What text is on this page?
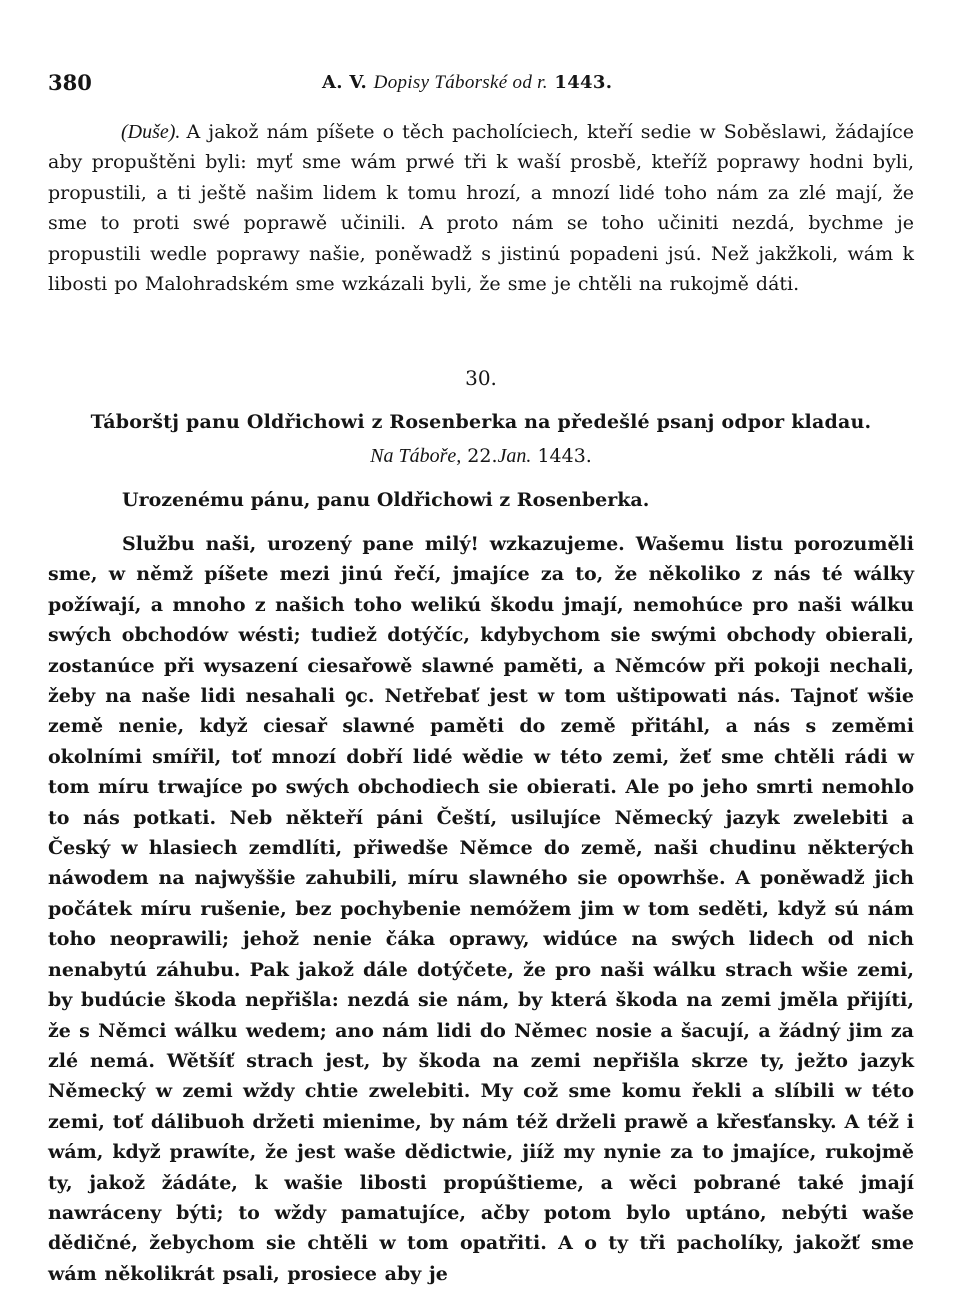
380	A. V. Dopisy Táborské od r. 1443.

(Duše). A jakož nám píšete o těch pacholíciech, kteří sedie w Soběslawi, žádajíce aby propuštěni byli: myť sme wám prwé tři k waší prosbě, kteříž poprawy hodni byli, propustili, a ti ještě našim lidem k tomu hrozí, a mnozí lidé toho nám za zlé mají, že sme to proti swé poprawě učinili. A proto nám se toho učiniti nezdá, bychme je propustili wedle poprawy našie, poněwadž s jistinú popadeni jsú. Než jakžkoli, wám k libosti po Malohradském sme wzkázali byli, že sme je chtěli na rukojmě dáti.

30.
Táborštj panu Oldřichowi z Rosenberka na předešlé psanj odpor kladau.
Na Táboře, 22.Jan. 1443.
Urozenému pánu, panu Oldřichowi z Rosenberka.

Službu naši, urozený pane milý! wzkazujeme. Wašemu listu porozuměli sme, w němž píšete mezi jinú řečí, jmajíce za to, že několiko z nás té wálky požíwají, a mnoho z našich toho welikú škodu jmají, nemohúce pro naši wálku swých obchodów wésti; tudiež dotýčíc, kdybychom sie swými obchody obierali, zostanúce při wysazení ciesařowě slawné paměti, a Němców při pokoji nechali, žeby na naše lidi nesahali ꝯc. Netřebať jest w tom uštipowati nás. Tajnoť wšie země nenie, když ciesař slawné paměti do země přitáhl, a nás s zeměmi okolními smířil, toť mnozí dobří lidé wědie w této zemi, žeť sme chtěli rádi w tom míru trwajíce po swých obchodiech sie obierati. Ale po jeho smrti nemohlo to nás potkati. Neb někteří páni Čeští, usilujíce Německý jazyk zwelebiti a Český w hlasiech zemdlíti, přiwedše Němce do země, naši chudinu některých náwodem na najwyššie zahubili, míru slawného sie opowrhše. A poněwadž jich počátek míru rušenie, bez pochybenie nemóžem jim w tom seděti, když sú nám toho neoprawili; jehož nenie čáka oprawy, widúce na swých lidech od nich nenabytú záhubu. Pak jakož dále dotýčete, že pro naši wálku strach wšie zemi, by budúcie škoda nepřišla: nezdá sie nám, by která škoda na zemi jměla přijíti, že s Němci wálku wedem; ano nám lidi do Němec nosie a šacují, a žádný jim za zlé nemá. Wětšíť strach jest, by škoda na zemi nepřišla skrze ty, ježto jazyk Německý w zemi wždy chtie zwelebiti. My což sme komu řekli a slíbili w této zemi, toť dálibuoh držeti mienime, by nám též drželi prawě a křesťansky. A též i wám, když prawíte, že jest waše dědictwie, jiíž my nynie za to jmajíce, rukojmě ty, jakož žádáte, k wašie libosti propúštieme, a wěci pobrané také jmají nawráceny býti; to wždy pamatujíce, ačby potom bylo uptáno, nebýti waše dědičné, žebychom sie chtěli w tom opatřiti. A o ty tři pacholíky, jakožť sme wám několikrát psali, prosiece aby je
